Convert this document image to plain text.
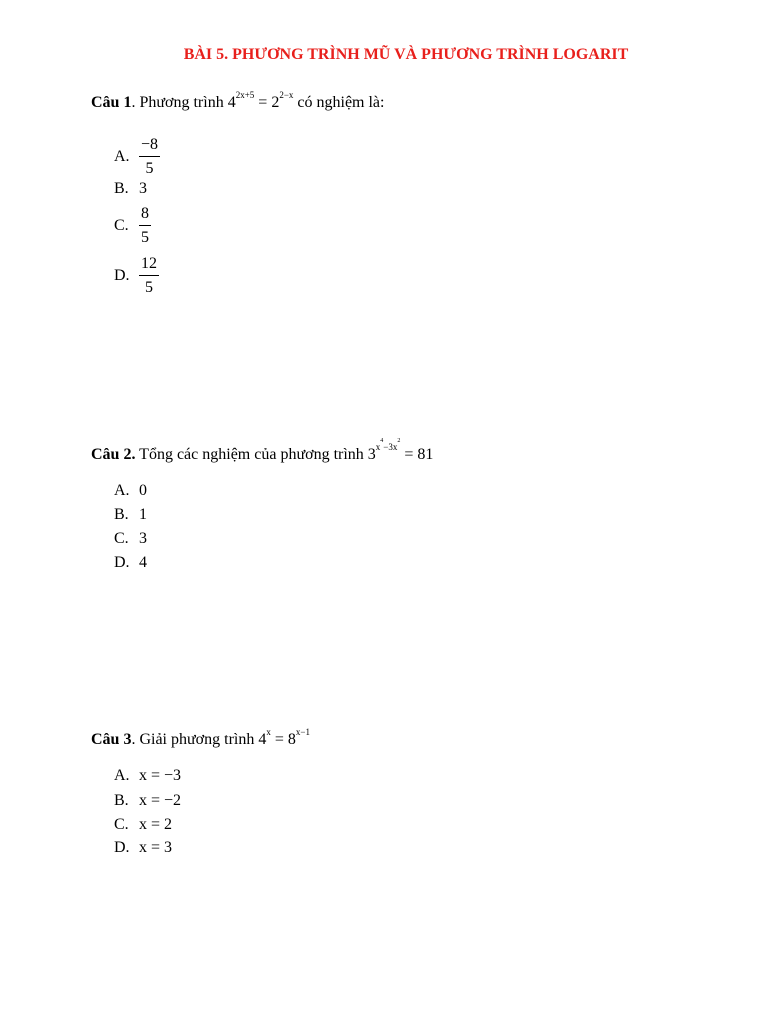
BÀI 5. PHƯƠNG TRÌNH MŨ VÀ PHƯƠNG TRÌNH LOGARIT
Câu 1. Phương trình $4^{2x+5} = 2^{2-x}$ có nghiệm là:
A. $\frac{-8}{5}$
B. 3
C. $\frac{8}{5}$
D. $\frac{12}{5}$
Câu 2. Tổng các nghiệm của phương trình $3^{x^4-3x^2} = 81$
A. 0
B. 1
C. 3
D. 4
Câu 3. Giải phương trình $4^x = 8^{x-1}$
A. x = −3
B. x = −2
C. x = 2
D. x = 3
